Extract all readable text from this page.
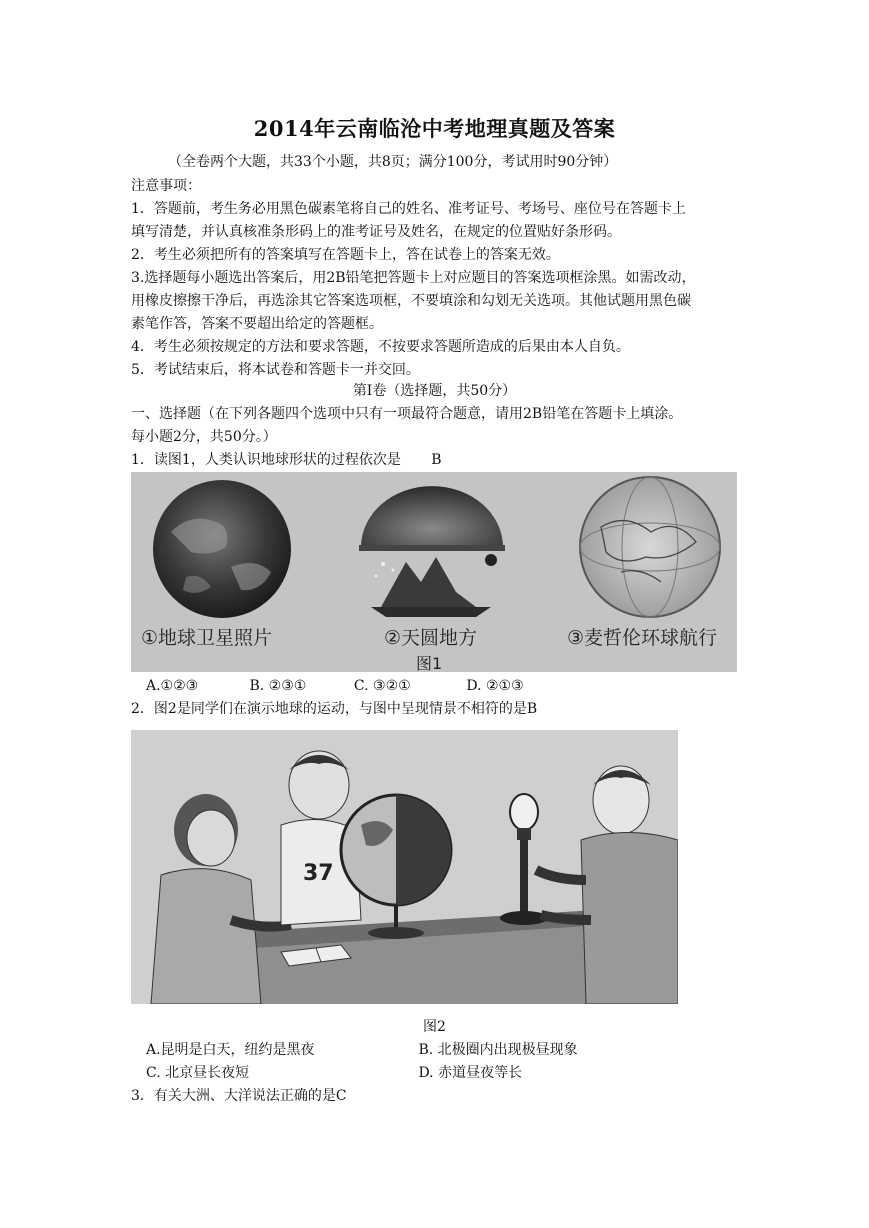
2014年云南临沧中考地理真题及答案
（全卷两个大题，共33个小题，共8页；满分100分，考试用时90分钟）
注意事项：
1．答题前，考生务必用黑色碳素笔将自己的姓名、准考证号、考场号、座位号在答题卡上
填写清楚，并认真核准条形码上的准考证号及姓名，在规定的位置贴好条形码。
2．考生必须把所有的答案填写在答题卡上，答在试卷上的答案无效。
3.选择题每小题选出答案后，用2B铅笔把答题卡上对应题目的答案选项框涂黑。如需改动，
用橡皮擦擦干净后，再选涂其它答案选项框，不要填涂和勾划无关选项。其他试题用黑色碳
素笔作答，答案不要超出给定的答题框。
4．考生必须按规定的方法和要求答题，不按要求答题所造成的后果由本人自负。
5．考试结束后，将本试卷和答题卡一并交回。
第Ⅰ卷（选择题，共50分）
一、选择题（在下列各题四个选项中只有一项最符合题意，请用2B铅笔在答题卡上填涂。
每小题2分，共50分。）
1．读图1，人类认识地球形状的过程依次是 B
①地球卫星照片	②天圆地方	③麦哲伦环球航行
图1
A.①②③	B. ②③①	C. ③②①	D. ②①③
2．图2是同学们在演示地球的运动，与图中呈现情景不相符的是B
37
图2
A.昆明是白天，纽约是黑夜	B. 北极圈内出现极昼现象
C. 北京昼长夜短	D. 赤道昼夜等长
3．有关大洲、大洋说法正确的是C
